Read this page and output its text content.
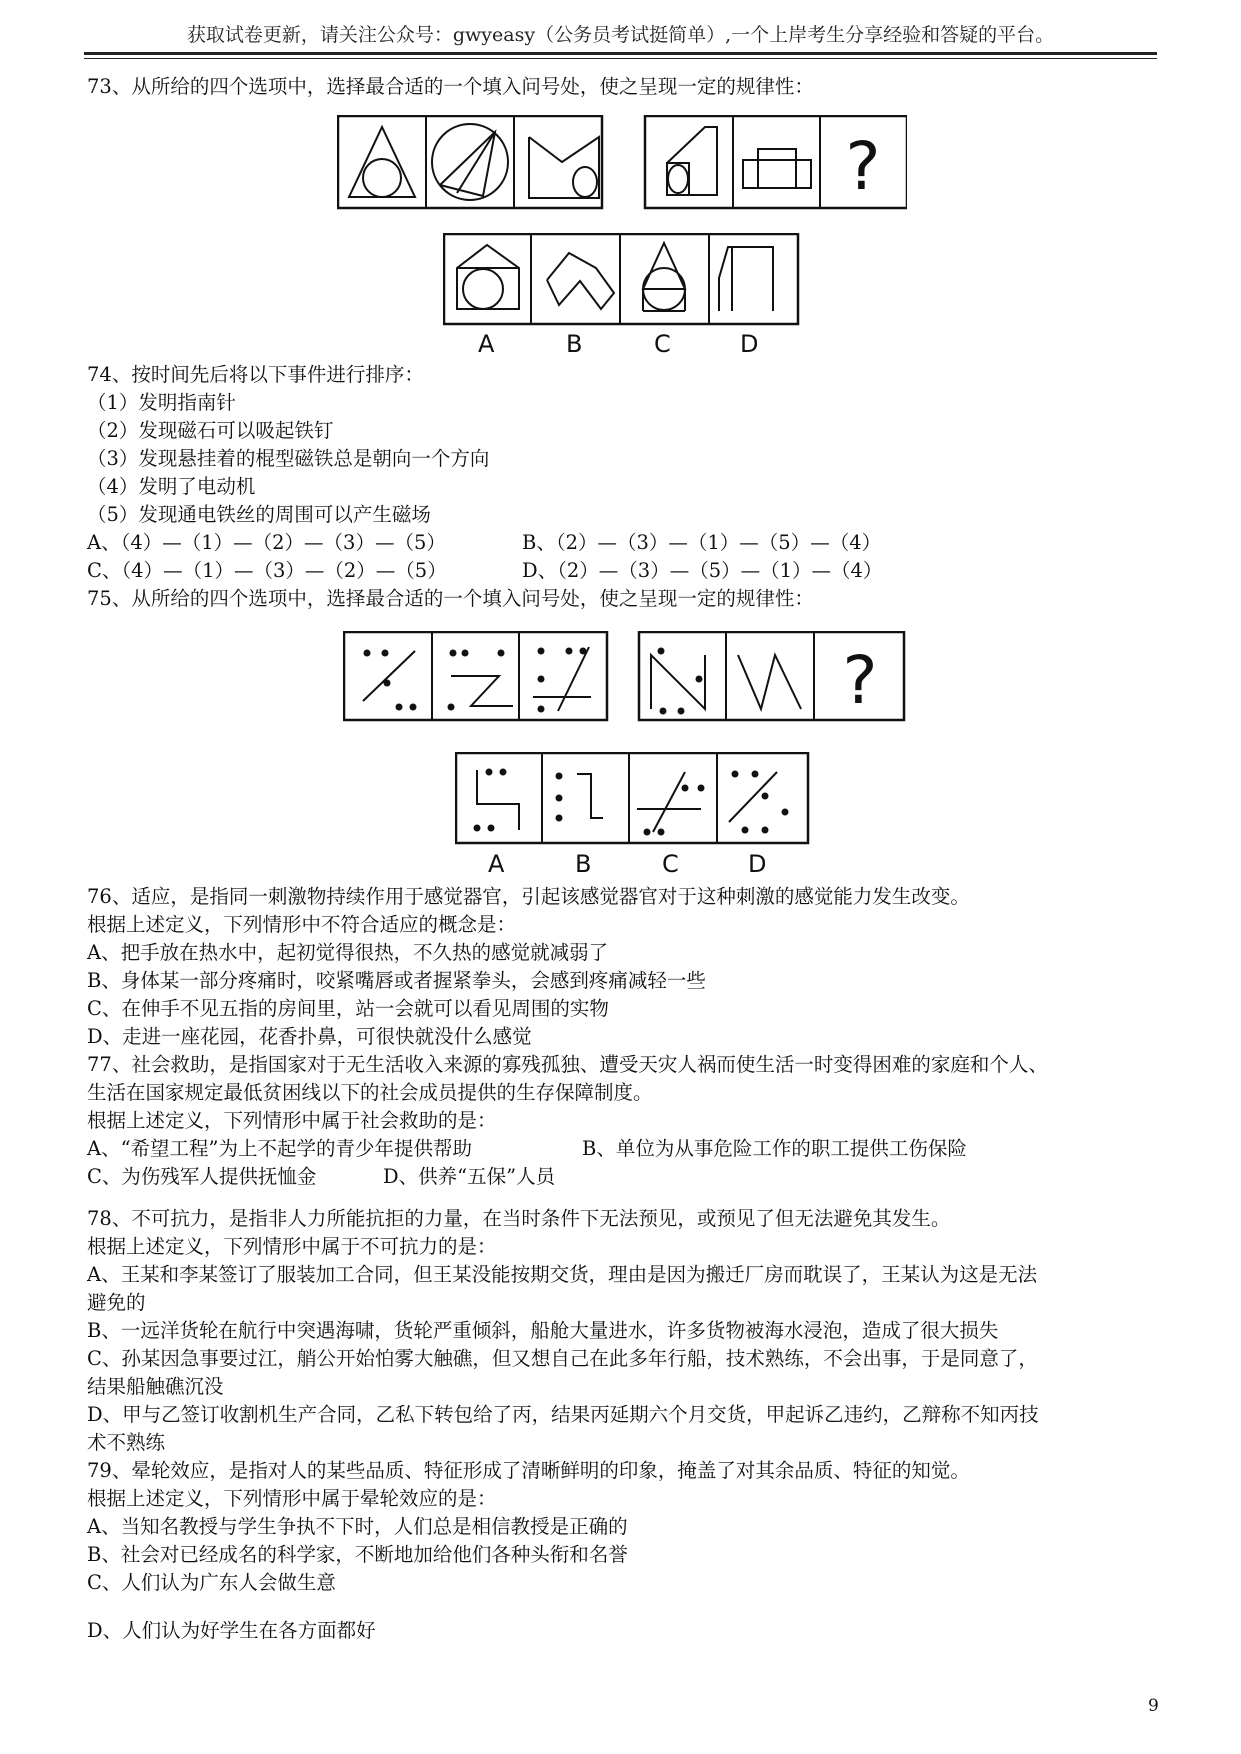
获取试卷更新，请关注公众号：gwyeasy（公务员考试挺简单）,一个上岸考生分享经验和答疑的平台。
73、从所给的四个选项中，选择最合适的一个填入问号处，使之呈现一定的规律性：
?
A	B	C	D
74、按时间先后将以下事件进行排序：
（1）发明指南针
（2）发现磁石可以吸起铁钉
（3）发现悬挂着的棍型磁铁总是朝向一个方向
（4）发明了电动机
（5）发现通电铁丝的周围可以产生磁场
A、（4）—（1）—（2）—（3）—（5）	B、（2）—（3）—（1）—（5）—（4）
C、（4）—（1）—（3）—（2）—（5）	D、（2）—（3）—（5）—（1）—（4）
75、从所给的四个选项中，选择最合适的一个填入问号处，使之呈现一定的规律性：
?
A	B	C	D
76、适应，是指同一刺激物持续作用于感觉器官，引起该感觉器官对于这种刺激的感觉能力发生改变。
根据上述定义，下列情形中不符合适应的概念是：
A、把手放在热水中，起初觉得很热，不久热的感觉就减弱了
B、身体某一部分疼痛时，咬紧嘴唇或者握紧拳头，会感到疼痛减轻一些
C、在伸手不见五指的房间里，站一会就可以看见周围的实物
D、走进一座花园，花香扑鼻，可很快就没什么感觉
77、社会救助，是指国家对于无生活收入来源的寡残孤独、遭受天灾人祸而使生活一时变得困难的家庭和个人、
生活在国家规定最低贫困线以下的社会成员提供的生存保障制度。
根据上述定义，下列情形中属于社会救助的是：
A、“希望工程”为上不起学的青少年提供帮助	B、单位为从事危险工作的职工提供工伤保险
C、为伤残军人提供抚恤金	D、供养“五保”人员
78、不可抗力，是指非人力所能抗拒的力量，在当时条件下无法预见，或预见了但无法避免其发生。
根据上述定义，下列情形中属于不可抗力的是：
A、王某和李某签订了服装加工合同，但王某没能按期交货，理由是因为搬迁厂房而耽误了，王某认为这是无法
避免的
B、一远洋货轮在航行中突遇海啸，货轮严重倾斜，船舱大量进水，许多货物被海水浸泡，造成了很大损失
C、孙某因急事要过江，艄公开始怕雾大触礁，但又想自己在此多年行船，技术熟练，不会出事，于是同意了，
结果船触礁沉没
D、甲与乙签订收割机生产合同，乙私下转包给了丙，结果丙延期六个月交货，甲起诉乙违约，乙辩称不知丙技
术不熟练
79、晕轮效应，是指对人的某些品质、特征形成了清晰鲜明的印象，掩盖了对其余品质、特征的知觉。
根据上述定义，下列情形中属于晕轮效应的是：
A、当知名教授与学生争执不下时，人们总是相信教授是正确的
B、社会对已经成名的科学家，不断地加给他们各种头衔和名誉
C、人们认为广东人会做生意
D、人们认为好学生在各方面都好
9
